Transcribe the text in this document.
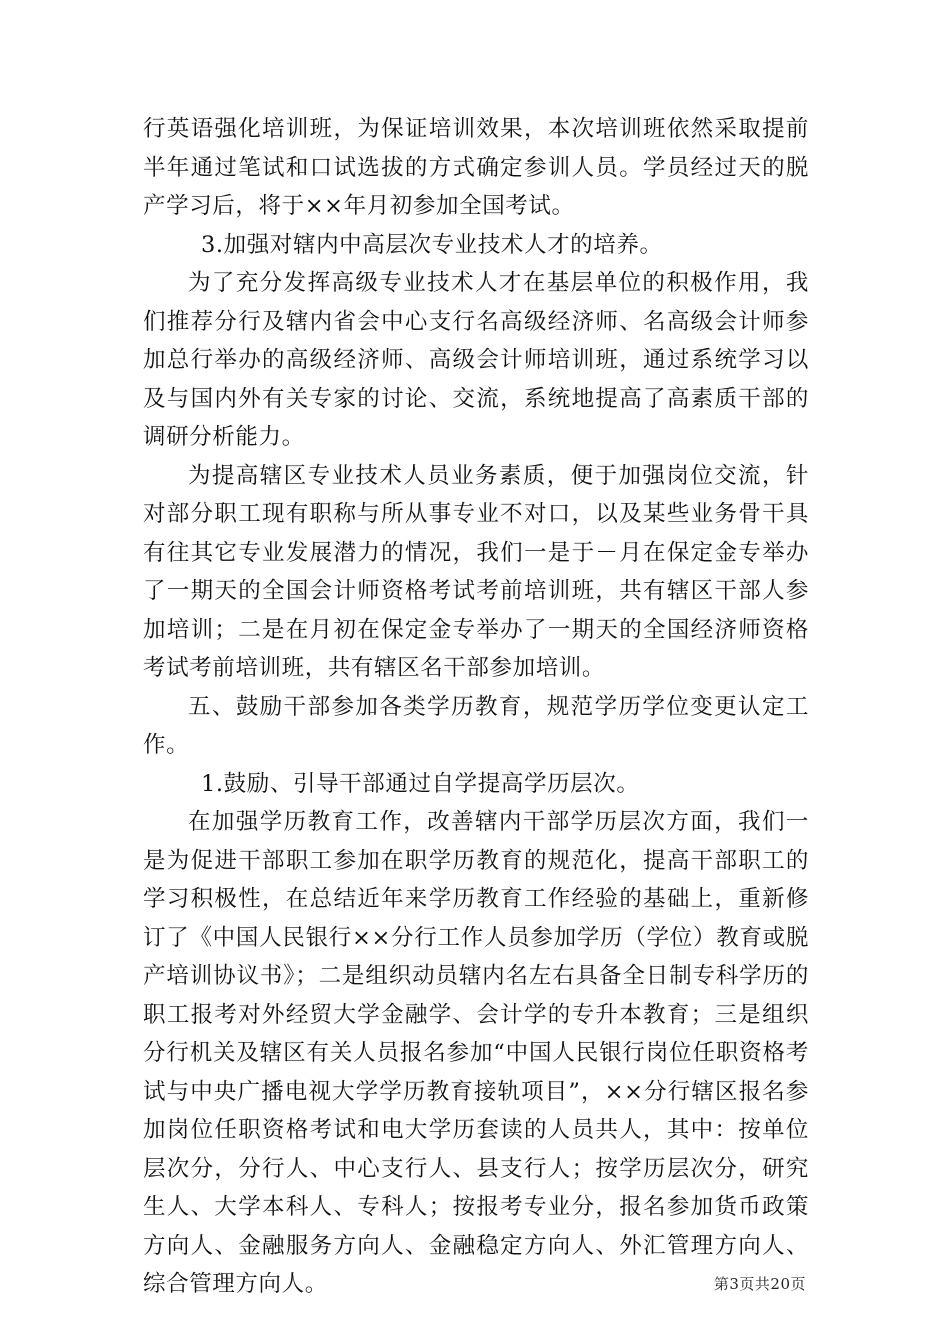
行英语强化培训班，为保证培训效果，本次培训班依然采取提前半年通过笔试和口试选拔的方式确定参训人员。学员经过天的脱产学习后，将于××年月初参加全国考试。

3.加强对辖内中高层次专业技术人才的培养。

为了充分发挥高级专业技术人才在基层单位的积极作用，我们推荐分行及辖内省会中心支行名高级经济师、名高级会计师参加总行举办的高级经济师、高级会计师培训班，通过系统学习以及与国内外有关专家的讨论、交流，系统地提高了高素质干部的调研分析能力。

为提高辖区专业技术人员业务素质，便于加强岗位交流，针对部分职工现有职称与所从事专业不对口，以及某些业务骨干具有往其它专业发展潜力的情况，我们一是于－月在保定金专举办了一期天的全国会计师资格考试考前培训班，共有辖区干部人参加培训；二是在月初在保定金专举办了一期天的全国经济师资格考试考前培训班，共有辖区名干部参加培训。

五、鼓励干部参加各类学历教育，规范学历学位变更认定工作。

1.鼓励、引导干部通过自学提高学历层次。

在加强学历教育工作，改善辖内干部学历层次方面，我们一是为促进干部职工参加在职学历教育的规范化，提高干部职工的学习积极性，在总结近年来学历教育工作经验的基础上，重新修订了《中国人民银行××分行工作人员参加学历（学位）教育或脱产培训协议书》；二是组织动员辖内名左右具备全日制专科学历的职工报考对外经贸大学金融学、会计学的专升本教育；三是组织分行机关及辖区有关人员报名参加“中国人民银行岗位任职资格考试与中央广播电视大学学历教育接轨项目”，××分行辖区报名参加岗位任职资格考试和电大学历套读的人员共人，其中：按单位层次分，分行人、中心支行人、县支行人；按学历层次分，研究生人、大学本科人、专科人；按报考专业分，报名参加货币政策方向人、金融服务方向人、金融稳定方向人、外汇管理方向人、综合管理方向人。	第3页共20页
